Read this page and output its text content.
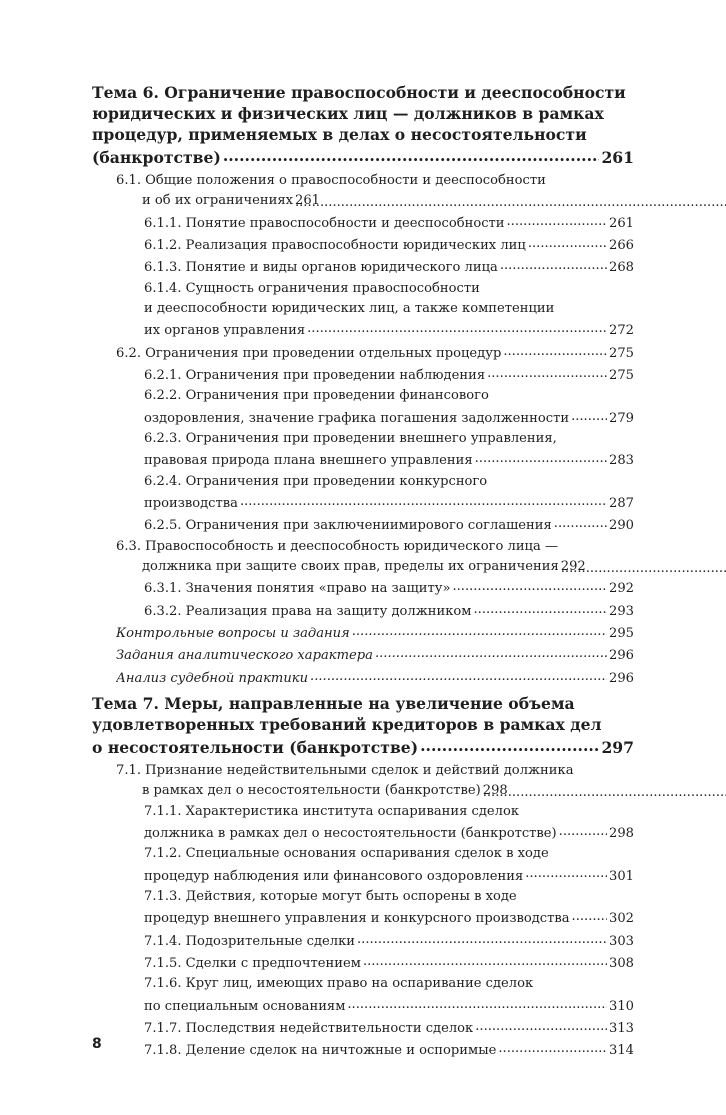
Тема 6. Ограничение правоспособности и дееспособности
юридических и физических лиц — должников в рамках
процедур, применяемых в делах о несостоятельности
(банкротстве) .....	261
6.1. Общие положения о правоспособности и дееспособности
и об их ограничениях 261
6.1.1. Понятие правоспособности и дееспособности .....	261
6.1.2. Реализация правоспособности юридических лиц .....	266
6.1.3. Понятие и виды органов юридического лица .....	268
6.1.4. Сущность ограничения правоспособности
и дееспособности юридических лиц, а также компетенции
их органов управления .....	272
6.2. Ограничения при проведении отдельных процедур .....	275
6.2.1. Ограничения при проведении наблюдения .....	275
6.2.2. Ограничения при проведении финансового
оздоровления, значение графика погашения задолженности .....	279
6.2.3. Ограничения при проведении внешнего управления,
правовая природа плана внешнего управления .....	283
6.2.4. Ограничения при проведении конкурсного
производства .....	287
6.2.5. Ограничения при заключениимирового соглашения .....	290
6.3. Правоспособность и дееспособность юридического лица —
должника при защите своих прав, пределы их ограничения 292
6.3.1. Значения понятия «право на защиту» .....	292
6.3.2. Реализация права на защиту должником .....	293
Контрольные вопросы и задания .....	295
Задания аналитического характера .....	296
Анализ судебной практики .....	296
Тема 7. Меры, направленные на увеличение объема
удовлетворенных требований кредиторов в рамках дел
о несостоятельности (банкротстве) .....	297
7.1. Признание недействительными сделок и действий должника
в рамках дел о несостоятельности (банкротстве) 298
7.1.1. Характеристика института оспаривания сделок
должника в рамках дел о несостоятельности (банкротстве) .....	298
7.1.2. Специальные основания оспаривания сделок в ходе
процедур наблюдения или финансового оздоровления .....	301
7.1.3. Действия, которые могут быть оспорены в ходе
процедур внешнего управления и конкурсного производства .....	302
7.1.4. Подозрительные сделки .....	303
7.1.5. Сделки с предпочтением .....	308
7.1.6. Круг лиц, имеющих право на оспаривание сделок
по специальным основаниям .....	310
7.1.7. Последствия недействительности сделок .....	313
7.1.8. Деление сделок на ничтожные и оспоримые .....	314
8
